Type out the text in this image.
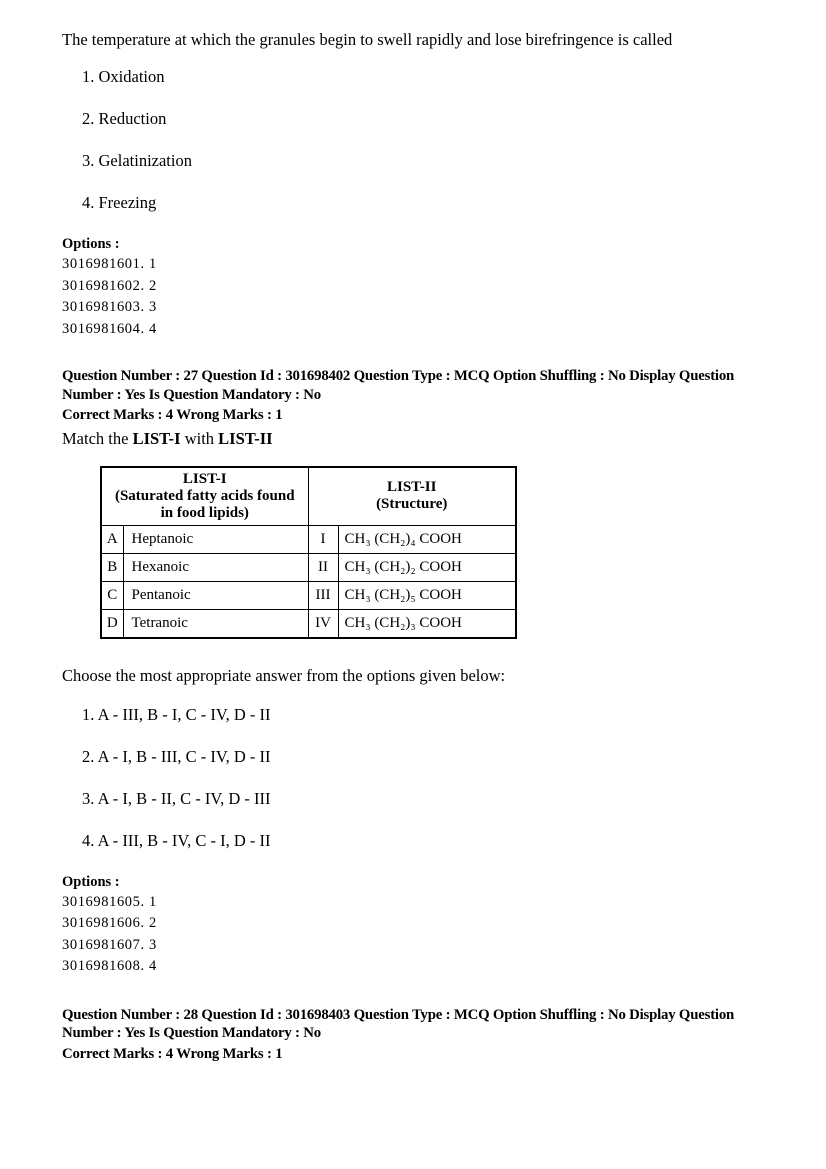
The temperature at which the granules begin to swell rapidly and lose birefringence is called

1. Oxidation
2. Reduction
3. Gelatinization
4. Freezing
Options :
3016981601. 1
3016981602. 2
3016981603. 3
3016981604. 4
Question Number : 27 Question Id : 301698402 Question Type : MCQ Option Shuffling : No Display Question
Number : Yes Is Question Mandatory : No
Correct Marks : 4 Wrong Marks : 1

Match the LIST-I with LIST-II

LIST-I
(Saturated fatty acids found in food lipids)		LIST-II
(Structure)	
A	Heptanoic	I	CH₃ (CH₂)₄ COOH
B	Hexanoic	II	CH₃ (CH₂)₂ COOH
C	Pentanoic	III	CH₃ (CH₂)₅ COOH
D	Tetranoic	IV	CH₃ (CH₂)₃ COOH

Choose the most appropriate answer from the options given below:

1. A - III, B - I, C - IV, D - II
2. A - I, B - III, C - IV, D - II
3. A - I, B - II, C - IV, D - III
4. A - III, B - IV, C - I, D - II
Options :
3016981605. 1
3016981606. 2
3016981607. 3
3016981608. 4
Question Number : 28 Question Id : 301698403 Question Type : MCQ Option Shuffling : No Display Question
Number : Yes Is Question Mandatory : No
Correct Marks : 4 Wrong Marks : 1
